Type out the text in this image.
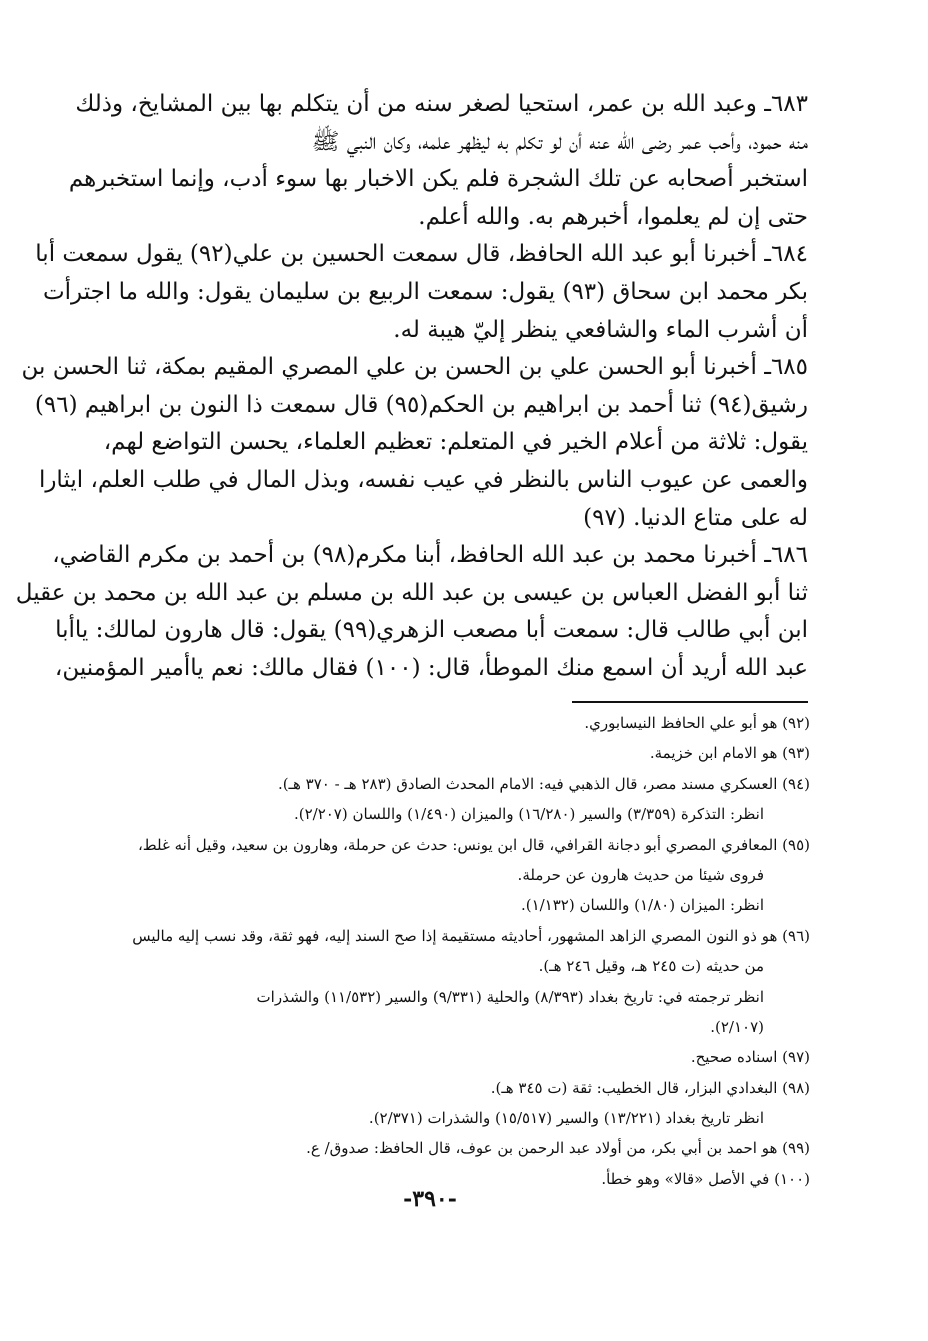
٦٨٣ـ وعبد الله بن عمر، استحيا لصغر سنه من أن يتكلم بها بين المشايخ، وذلك
منه حمود، وأحب عمر رضى الله عنه أن لو تكلم به ليظهر علمه، وكان النبي ﷺ
استخبر أصحابه عن تلك الشجرة فلم يكن الاخبار بها سوء أدب، وإنما استخبرهم
حتى إن لم يعلموا، أخبرهم به. والله أعلم.
٦٨٤ـ أخبرنا أبو عبد الله الحافظ، قال سمعت الحسين بن علي(٩٢) يقول سمعت أبا
بكر محمد ابن سحاق (٩٣) يقول: سمعت الربيع بن سليمان يقول: والله ما اجترأت
أن أشرب الماء والشافعي ينظر إليّ هيبة له.
٦٨٥ـ أخبرنا أبو الحسن علي بن الحسن بن علي المصري المقيم بمكة، ثنا الحسن بن
رشيق(٩٤) ثنا أحمد بن ابراهيم بن الحكم(٩٥) قال سمعت ذا النون بن ابراهيم (٩٦)
يقول: ثلاثة من أعلام الخير في المتعلم: تعظيم العلماء، يحسن التواضع لهم،
والعمى عن عيوب الناس بالنظر في عيب نفسه، وبذل المال في طلب العلم، ايثارا
له على متاع الدنيا. (٩٧)
٦٨٦ـ أخبرنا محمد بن عبد الله الحافظ، أبنا مكرم(٩٨) بن أحمد بن مكرم القاضي،
ثنا أبو الفضل العباس بن عيسى بن عبد الله بن مسلم بن عبد الله بن محمد بن عقيل
ابن أبي طالب قال: سمعت أبا مصعب الزهري(٩٩) يقول: قال هارون لمالك: ياأبا
عبد الله أريد أن اسمع منك الموطأ، قال: (١٠٠) فقال مالك: نعم ياأمير المؤمنين،
(٩٢) هو أبو علي الحافظ النيسابوري.
(٩٣) هو الامام ابن خزيمة.
(٩٤) العسكري مسند مصر، قال الذهبي فيه: الامام المحدث الصادق (٢٨٣ هـ - ٣٧٠ هـ).
انظر: التذكرة (٣/٣٥٩) والسير (١٦/٢٨٠) والميزان (١/٤٩٠) واللسان (٢/٢٠٧).
(٩٥) المعافري المصري أبو دجانة القرافي، قال ابن يونس: حدث عن حرملة، وهارون بن سعيد، وقيل أنه غلط،
فروى شيئا من حديث هارون عن حرملة.
انظر: الميزان (١/٨٠) واللسان (١/١٣٢).
(٩٦) هو ذو النون المصري الزاهد المشهور، أحاديثه مستقيمة إذا صح السند إليه، فهو ثقة، وقد نسب إليه ماليس
من حديثه (ت ٢٤٥ هـ، وقيل ٢٤٦ هـ).
انظر ترجمته في: تاريخ بغداد (٨/٣٩٣) والحلية (٩/٣٣١) والسير (١١/٥٣٢) والشذرات
(٢/١٠٧).
(٩٧) اسناده صحيح.
(٩٨) البغدادي البزار، قال الخطيب: ثقة (ت ٣٤٥ هـ).
انظر تاريخ بغداد (١٣/٢٢١) والسير (١٥/٥١٧) والشذرات (٢/٣٧١).
(٩٩) هو احمد بن أبي بكر، من أولاد عبد الرحمن بن عوف، قال الحافظ: صدوق/ ع.
(١٠٠) في الأصل «قالا» وهو خطأ.
-٣٩٠-
